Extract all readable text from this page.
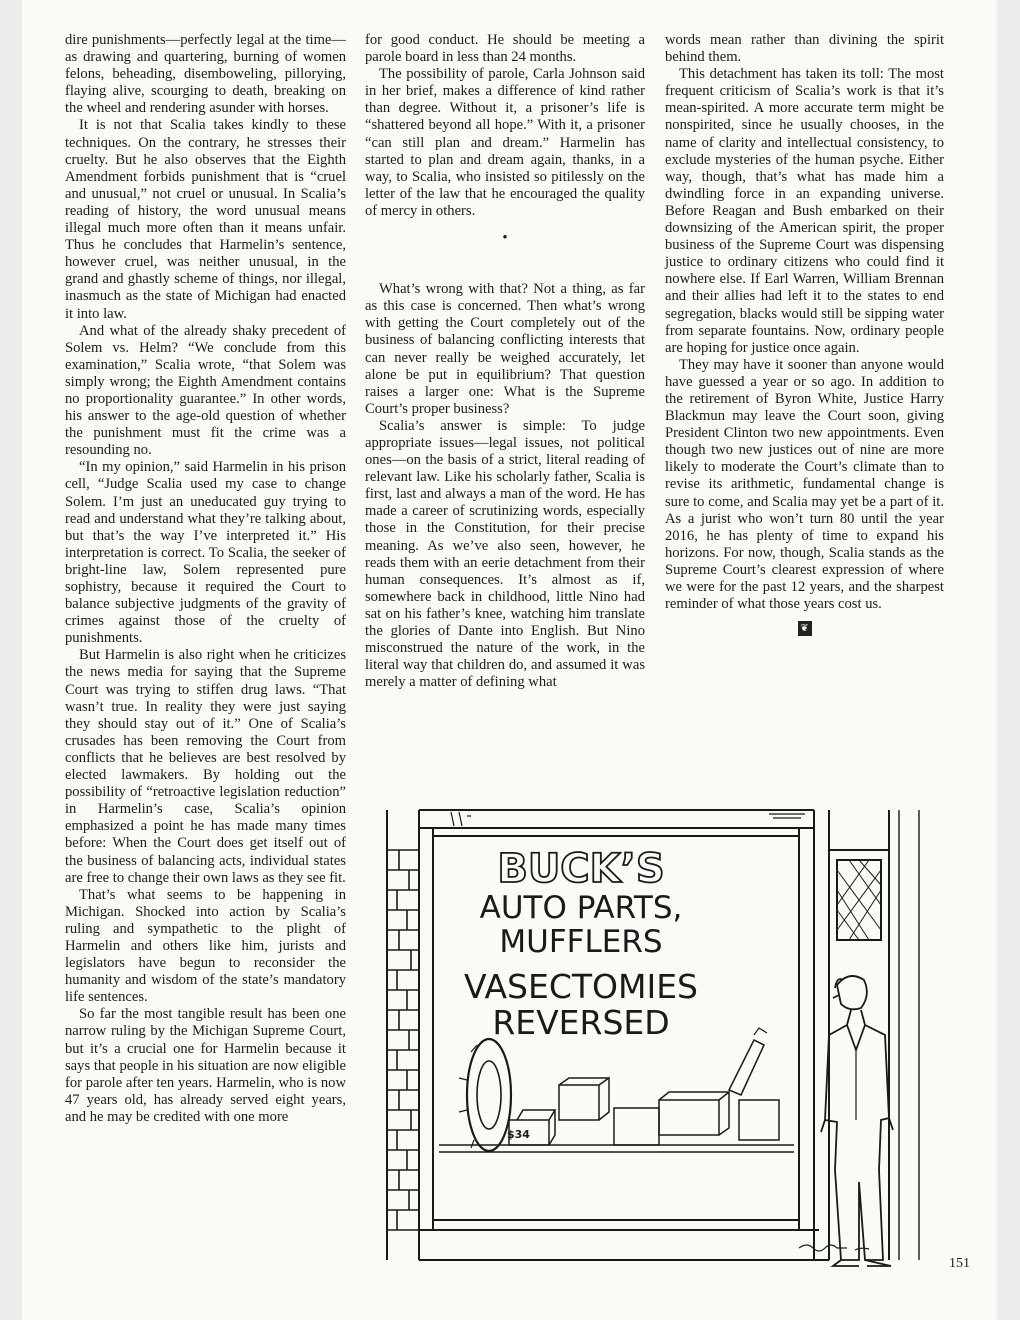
dire punishments—perfectly legal at the time—as drawing and quartering, burning of women felons, beheading, disemboweling, pillorying, flaying alive, scourging to death, breaking on the wheel and rendering asunder with horses.

It is not that Scalia takes kindly to these techniques. On the contrary, he stresses their cruelty. But he also observes that the Eighth Amendment forbids punishment that is “cruel and unusual,” not cruel or unusual. In Scalia’s reading of history, the word unusual means illegal much more often than it means unfair. Thus he concludes that Harmelin’s sentence, however cruel, was neither unusual, in the grand and ghastly scheme of things, nor illegal, inasmuch as the state of Michigan had enacted it into law.

And what of the already shaky precedent of Solem vs. Helm? “We conclude from this examination,” Scalia wrote, “that Solem was simply wrong; the Eighth Amendment contains no proportionality guarantee.” In other words, his answer to the age-old question of whether the punishment must fit the crime was a resounding no.

“In my opinion,” said Harmelin in his prison cell, “Judge Scalia used my case to change Solem. I’m just an uneducated guy trying to read and understand what they’re talking about, but that’s the way I’ve interpreted it.” His interpretation is correct. To Scalia, the seeker of bright-line law, Solem represented pure sophistry, because it required the Court to balance subjective judgments of the gravity of crimes against those of the cruelty of punishments.

But Harmelin is also right when he criticizes the news media for saying that the Supreme Court was trying to stiffen drug laws. “That wasn’t true. In reality they were just saying they should stay out of it.” One of Scalia’s crusades has been removing the Court from conflicts that he believes are best resolved by elected lawmakers. By holding out the possibility of “retroactive legislation reduction” in Harmelin’s case, Scalia’s opinion emphasized a point he has made many times before: When the Court does get itself out of the business of balancing acts, individual states are free to change their own laws as they see fit.

That’s what seems to be happening in Michigan. Shocked into action by Scalia’s ruling and sympathetic to the plight of Harmelin and others like him, jurists and legislators have begun to reconsider the humanity and wisdom of the state’s mandatory life sentences.

So far the most tangible result has been one narrow ruling by the Michigan Supreme Court, but it’s a crucial one for Harmelin because it says that people in his situation are now eligible for parole after ten years. Harmelin, who is now 47 years old, has already served eight years, and he may be credited with one more

for good conduct. He should be meeting a parole board in less than 24 months.

The possibility of parole, Carla Johnson said in her brief, makes a difference of kind rather than degree. Without it, a prisoner’s life is “shattered beyond all hope.” With it, a prisoner “can still plan and dream.” Harmelin has started to plan and dream again, thanks, in a way, to Scalia, who insisted so pitilessly on the letter of the law that he encouraged the quality of mercy in others.

•

What’s wrong with that? Not a thing, as far as this case is concerned. Then what’s wrong with getting the Court completely out of the business of balancing conflicting interests that can never really be weighed accurately, let alone be put in equilibrium? That question raises a larger one: What is the Supreme Court’s proper business?

Scalia’s answer is simple: To judge appropriate issues—legal issues, not political ones—on the basis of a strict, literal reading of relevant law. Like his scholarly father, Scalia is first, last and always a man of the word. He has made a career of scrutinizing words, especially those in the Constitution, for their precise meaning. As we’ve also seen, however, he reads them with an eerie detachment from their human consequences. It’s almost as if, somewhere back in childhood, little Nino had sat on his father’s knee, watching him translate the glories of Dante into English. But Nino misconstrued the nature of the work, in the literal way that children do, and assumed it was merely a matter of defining what

words mean rather than divining the spirit behind them.

This detachment has taken its toll: The most frequent criticism of Scalia’s work is that it’s mean-spirited. A more accurate term might be nonspirited, since he usually chooses, in the name of clarity and intellectual consistency, to exclude mysteries of the human psyche. Either way, though, that’s what has made him a dwindling force in an expanding universe. Before Reagan and Bush embarked on their downsizing of the American spirit, the proper business of the Supreme Court was dispensing justice to ordinary citizens who could find it nowhere else. If Earl Warren, William Brennan and their allies had left it to the states to end segregation, blacks would still be sipping water from separate fountains. Now, ordinary people are hoping for justice once again.

They may have it sooner than anyone would have guessed a year or so ago. In addition to the retirement of Byron White, Justice Harry Blackmun may leave the Court soon, giving President Clinton two new appointments. Even though two new justices out of nine are more likely to moderate the Court’s climate than to revise its arithmetic, fundamental change is sure to come, and Scalia may yet be a part of it. As a jurist who won’t turn 80 until the year 2016, he has plenty of time to expand his horizons. For now, though, Scalia stands as the Supreme Court’s clearest expression of where we were for the past 12 years, and the sharpest reminder of what those years cost us.

❦
BUCK’S
AUTO PARTS,
MUFFLERS
VASECTOMIES
REVERSED
$34
151
